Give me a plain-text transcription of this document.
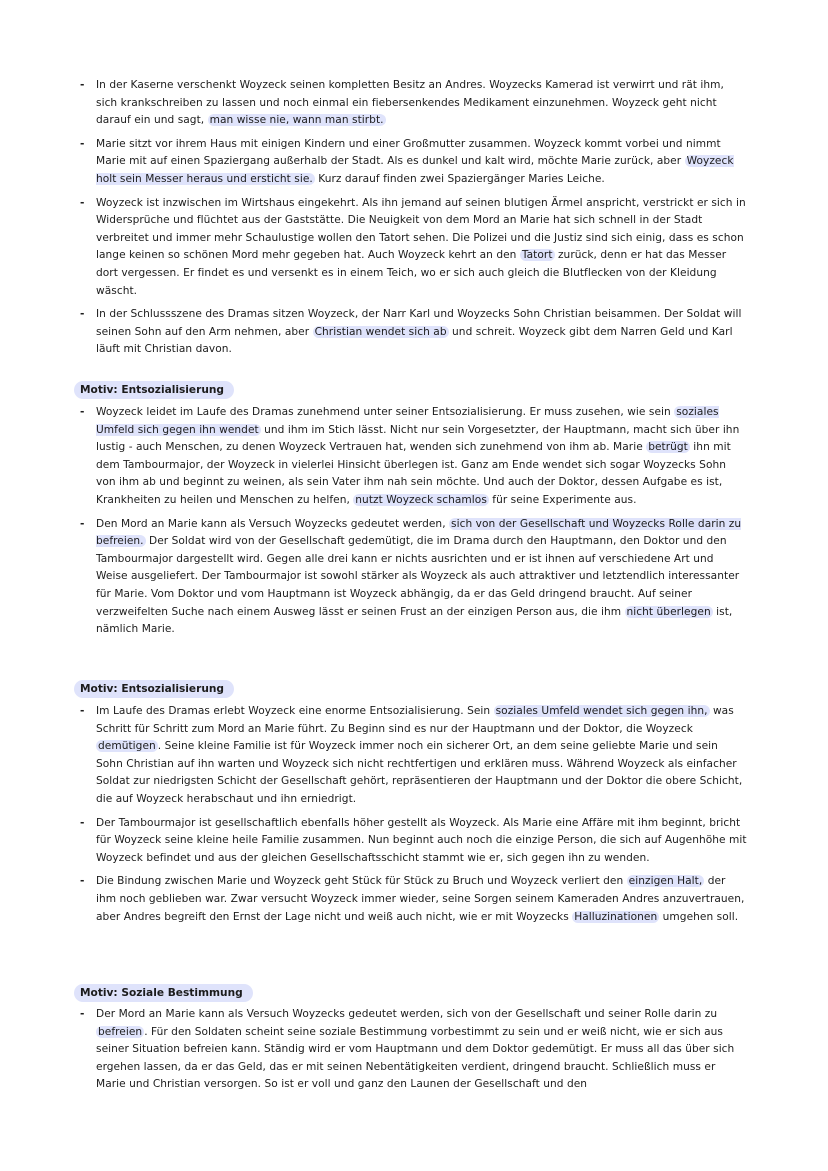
- In der Kaserne verschenkt Woyzeck seinen kompletten Besitz an Andres. Woyzecks Kamerad ist verwirrt und rät ihm, sich krankschreiben zu lassen und noch einmal ein fiebersenkendes Medikament einzunehmen. Woyzeck geht nicht darauf ein und sagt, man wisse nie, wann man stirbt.
- Marie sitzt vor ihrem Haus mit einigen Kindern und einer Großmutter zusammen. Woyzeck kommt vorbei und nimmt Marie mit auf einen Spaziergang außerhalb der Stadt. Als es dunkel und kalt wird, möchte Marie zurück, aber Woyzeck holt sein Messer heraus und ersticht sie. Kurz darauf finden zwei Spaziergänger Maries Leiche.
- Woyzeck ist inzwischen im Wirtshaus eingekehrt. Als ihn jemand auf seinen blutigen Ärmel anspricht, verstrickt er sich in Widersprüche und flüchtet aus der Gaststätte. Die Neuigkeit von dem Mord an Marie hat sich schnell in der Stadt verbreitet und immer mehr Schaulustige wollen den Tatort sehen. Die Polizei und die Justiz sind sich einig, dass es schon lange keinen so schönen Mord mehr gegeben hat. Auch Woyzeck kehrt an den Tatort zurück, denn er hat das Messer dort vergessen. Er findet es und versenkt es in einem Teich, wo er sich auch gleich die Blutflecken von der Kleidung wäscht.
- In der Schlussszene des Dramas sitzen Woyzeck, der Narr Karl und Woyzecks Sohn Christian beisammen. Der Soldat will seinen Sohn auf den Arm nehmen, aber Christian wendet sich ab und schreit. Woyzeck gibt dem Narren Geld und Karl läuft mit Christian davon.
Motiv: Entsozialisierung
- Woyzeck leidet im Laufe des Dramas zunehmend unter seiner Entsozialisierung. Er muss zusehen, wie sein soziales Umfeld sich gegen ihn wendet und ihm im Stich lässt. Nicht nur sein Vorgesetzter, der Hauptmann, macht sich über ihn lustig - auch Menschen, zu denen Woyzeck Vertrauen hat, wenden sich zunehmend von ihm ab. Marie betrügt ihn mit dem Tambourmajor, der Woyzeck in vielerlei Hinsicht überlegen ist. Ganz am Ende wendet sich sogar Woyzecks Sohn von ihm ab und beginnt zu weinen, als sein Vater ihm nah sein möchte. Und auch der Doktor, dessen Aufgabe es ist, Krankheiten zu heilen und Menschen zu helfen, nutzt Woyzeck schamlos für seine Experimente aus.
- Den Mord an Marie kann als Versuch Woyzecks gedeutet werden, sich von der Gesellschaft und Woyzecks Rolle darin zu befreien. Der Soldat wird von der Gesellschaft gedemütigt, die im Drama durch den Hauptmann, den Doktor und den Tambourmajor dargestellt wird. Gegen alle drei kann er nichts ausrichten und er ist ihnen auf verschiedene Art und Weise ausgeliefert. Der Tambourmajor ist sowohl stärker als Woyzeck als auch attraktiver und letztendlich interessanter für Marie. Vom Doktor und vom Hauptmann ist Woyzeck abhängig, da er das Geld dringend braucht. Auf seiner verzweifelten Suche nach einem Ausweg lässt er seinen Frust an der einzigen Person aus, die ihm nicht überlegen ist, nämlich Marie.
Motiv: Entsozialisierung
- Im Laufe des Dramas erlebt Woyzeck eine enorme Entsozialisierung. Sein soziales Umfeld wendet sich gegen ihn, was Schritt für Schritt zum Mord an Marie führt. Zu Beginn sind es nur der Hauptmann und der Doktor, die Woyzeck demütigen . Seine kleine Familie ist für Woyzeck immer noch ein sicherer Ort, an dem seine geliebte Marie und sein Sohn Christian auf ihn warten und Woyzeck sich nicht rechtfertigen und erklären muss. Während Woyzeck als einfacher Soldat zur niedrigsten Schicht der Gesellschaft gehört, repräsentieren der Hauptmann und der Doktor die obere Schicht, die auf Woyzeck herabschaut und ihn erniedrigt.
- Der Tambourmajor ist gesellschaftlich ebenfalls höher gestellt als Woyzeck. Als Marie eine Affäre mit ihm beginnt, bricht für Woyzeck seine kleine heile Familie zusammen. Nun beginnt auch noch die einzige Person, die sich auf Augenhöhe mit Woyzeck befindet und aus der gleichen Gesellschaftsschicht stammt wie er, sich gegen ihn zu wenden.
- Die Bindung zwischen Marie und Woyzeck geht Stück für Stück zu Bruch und Woyzeck verliert den einzigen Halt, der ihm noch geblieben war. Zwar versucht Woyzeck immer wieder, seine Sorgen seinem Kameraden Andres anzuvertrauen, aber Andres begreift den Ernst der Lage nicht und weiß auch nicht, wie er mit Woyzecks Halluzinationen umgehen soll.
Motiv: Soziale Bestimmung
- Der Mord an Marie kann als Versuch Woyzecks gedeutet werden, sich von der Gesellschaft und seiner Rolle darin zu befreien . Für den Soldaten scheint seine soziale Bestimmung vorbestimmt zu sein und er weiß nicht, wie er sich aus seiner Situation befreien kann. Ständig wird er vom Hauptmann und dem Doktor gedemütigt. Er muss all das über sich ergehen lassen, da er das Geld, das er mit seinen Nebentätigkeiten verdient, dringend braucht. Schließlich muss er Marie und Christian versorgen. So ist er voll und ganz den Launen der Gesellschaft und den
